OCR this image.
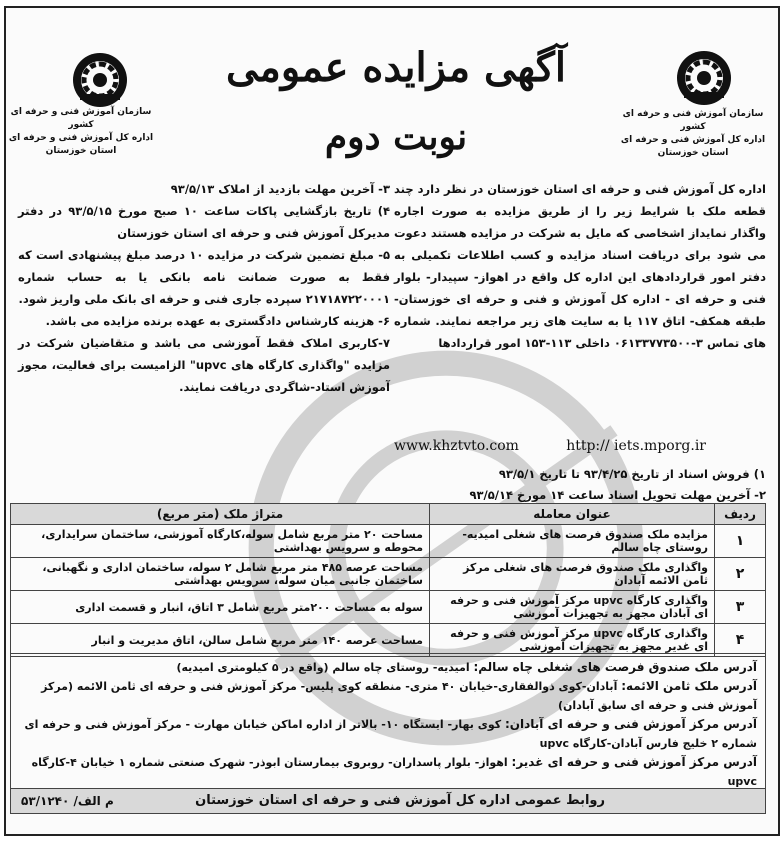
سازمان آموزش فنی و حرفه ای کشور
اداره کل آموزش فنی و حرفه ای
استان خوزستان
سازمان آموزش فنی و حرفه ای کشور
اداره کل آموزش فنی و حرفه ای
استان خوزستان
آگهی مزایده عمومی
نوبت دوم
اداره کل آموزش فنی و حرفه ای استان خوزستان در نظر دارد چند قطعه ملک با شرایط زیر را از طریق مزایده به صورت اجاره واگذار نمایداز اشخاصی که مایل به شرکت در مزایده هستند دعوت می شود برای دریافت اسناد مزایده و کسب اطلاعات تکمیلی به دفتر امور قراردادهای این اداره کل واقع در اهواز- سپیدار- بلوار فنی و حرفه ای - اداره کل آموزش و فنی و حرفه ای خوزستان- طبقه همکف- اتاق ۱۱۷ یا به سایت های زیر مراجعه نمایند. شماره های تماس ۳-۰۶۱۳۳۷۷۳۵۰۰ داخلی ۱۱۳-۱۵۳ امور قراردادها
http:// iets.mporg.ir
www.khztvto.com

۱) فروش اسناد از تاریخ ۹۳/۴/۲۵ تا تاریخ ۹۳/۵/۱

۲- آخرین مهلت تحویل اسناد ساعت ۱۴ مورخ ۹۳/۵/۱۴

۳- آخرین مهلت بازدید از املاک ۹۳/۵/۱۳

۴) تاریخ بازگشایی پاکات ساعت ۱۰ صبح مورخ ۹۳/۵/۱۵ در دفتر مدیرکل آموزش فنی و حرفه ای استان خوزستان

۵- مبلغ تضمین شرکت در مزایده ۱۰ درصد مبلغ پیشنهادی است که فقط به صورت ضمانت نامه بانکی یا به حساب شماره ۲۱۷۱۸۷۲۲۰۰۰۱ سپرده جاری فنی و حرفه ای بانک ملی واریز شود.

۶- هزینه کارشناس دادگستری به عهده برنده مزایده می باشد.

۷-کاربری املاک فقط آموزشی می باشد و متقاضیان شرکت در مزایده "واگذاری کارگاه های upvc" الزامیست برای فعالیت، مجوز آموزش استاد-شاگردی دریافت نمایند.

ردیف	عنوان معامله	متراژ ملک (متر مربع)
۱	مزایده ملک صندوق فرصت های شغلی امیدیه- روستای چاه سالم	مساحت ۲۰ متر مربع شامل سوله،کارگاه آموزشی، ساختمان سرایداری، محوطه و سرویس بهداشتی
۲	واگذاری ملک صندوق فرصت های شغلی مرکز ثامن الائمه آبادان	مساحت عرصه ۴۸۵ متر مربع شامل ۲ سوله، ساختمان اداری و نگهبانی، ساختمان جانبی میان سوله، سرویس بهداشتی
۳	واگذاری کارگاه upvc مرکز آموزش فنی و حرفه ای آبادان مجهز به تجهیزات آموزشی	سوله به مساحت ۲۰۰متر مربع شامل ۳ اتاق، انبار و قسمت اداری
۴	واگذاری کارگاه upvc مرکز آموزش فنی و حرفه ای غدیر مجهز به تجهیزات آموزشی	مساحت عرصه ۱۴۰ متر مربع شامل سالن، اتاق مدیریت و انبار
آدرس ملک صندوق فرصت های شغلی چاه سالم: امیدیه- روستای چاه سالم (واقع در ۵ کیلومتری امیدیه)
آدرس ملک ثامن الائمه: آبادان-کوی ذوالفقاری-خیابان ۴۰ متری- منطقه کوی پلیس- مرکز آموزش فنی و حرفه ای ثامن الائمه (مرکز آموزش فنی و حرفه ای سابق آبادان)
آدرس مرکز آموزش فنی و حرفه ای آبادان: کوی بهار- ایستگاه ۱۰- بالاتر از اداره اماکن خیابان مهارت - مرکز آموزش فنی و حرفه ای شماره ۲ خلیج فارس آبادان-کارگاه upvc
آدرس مرکز آموزش فنی و حرفه ای غدیر: اهواز- بلوار پاسداران- روبروی بیمارستان ابوذر- شهرک صنعتی شماره ۱ خیابان ۴-کارگاه upvc
روابط عمومی اداره کل آموزش فنی و حرفه ای استان خوزستان
م الف/ ۵۳/۱۲۴۰
